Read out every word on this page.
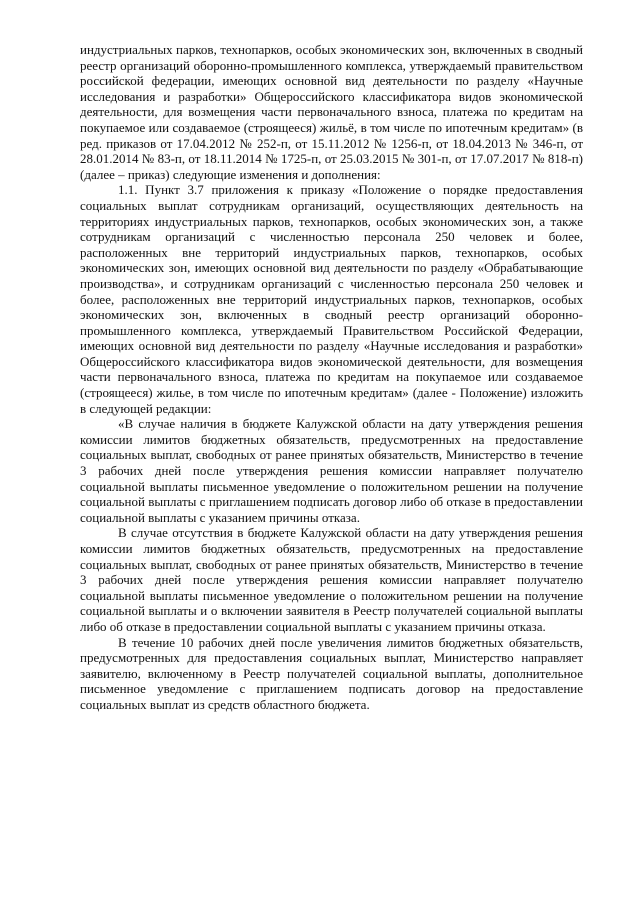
индустриальных парков, технопарков, особых экономических зон, включенных в сводный реестр организаций оборонно-промышленного комплекса, утверждаемый правительством российской федерации, имеющих основной вид деятельности по разделу «Научные исследования и разработки» Общероссийского классификатора видов экономической деятельности, для возмещения части первоначального взноса, платежа по кредитам на покупаемое или создаваемое (строящееся) жильё, в том числе по ипотечным кредитам» (в ред. приказов от 17.04.2012 № 252-п, от 15.11.2012 № 1256-п, от 18.04.2013 № 346-п, от 28.01.2014 № 83-п, от 18.11.2014 № 1725-п, от 25.03.2015 № 301-п, от 17.07.2017 № 818-п) (далее – приказ) следующие изменения и дополнения:

1.1. Пункт 3.7 приложения к приказу «Положение о порядке предоставления социальных выплат сотрудникам организаций, осуществляющих деятельность на территориях индустриальных парков, технопарков, особых экономических зон, а также сотрудникам организаций с численностью персонала 250 человек и более, расположенных вне территорий индустриальных парков, технопарков, особых экономических зон, имеющих основной вид деятельности по разделу «Обрабатывающие производства», и сотрудникам организаций с численностью персонала 250 человек и более, расположенных вне территорий индустриальных парков, технопарков, особых экономических зон, включенных в сводный реестр организаций оборонно-промышленного комплекса, утверждаемый Правительством Российской Федерации, имеющих основной вид деятельности по разделу «Научные исследования и разработки» Общероссийского классификатора видов экономической деятельности, для возмещения части первоначального взноса, платежа по кредитам на покупаемое или создаваемое (строящееся) жилье, в том числе по ипотечным кредитам» (далее - Положение) изложить в следующей редакции:

«В случае наличия в бюджете Калужской области на дату утверждения решения комиссии лимитов бюджетных обязательств, предусмотренных на предоставление социальных выплат, свободных от ранее принятых обязательств, Министерство в течение 3 рабочих дней после утверждения решения комиссии направляет получателю социальной выплаты письменное уведомление о положительном решении на получение социальной выплаты с приглашением подписать договор либо об отказе в предоставлении социальной выплаты с указанием причины отказа.

В случае отсутствия в бюджете Калужской области на дату утверждения решения комиссии лимитов бюджетных обязательств, предусмотренных на предоставление социальных выплат, свободных от ранее принятых обязательств, Министерство в течение 3 рабочих дней после утверждения решения комиссии направляет получателю социальной выплаты письменное уведомление о положительном решении на получение социальной выплаты и о включении заявителя в Реестр получателей социальной выплаты либо об отказе в предоставлении социальной выплаты с указанием причины отказа.

В течение 10 рабочих дней после увеличения лимитов бюджетных обязательств, предусмотренных для предоставления социальных выплат, Министерство направляет заявителю, включенному в Реестр получателей социальной выплаты, дополнительное письменное уведомление с приглашением подписать договор на предоставление социальных выплат из средств областного бюджета.
